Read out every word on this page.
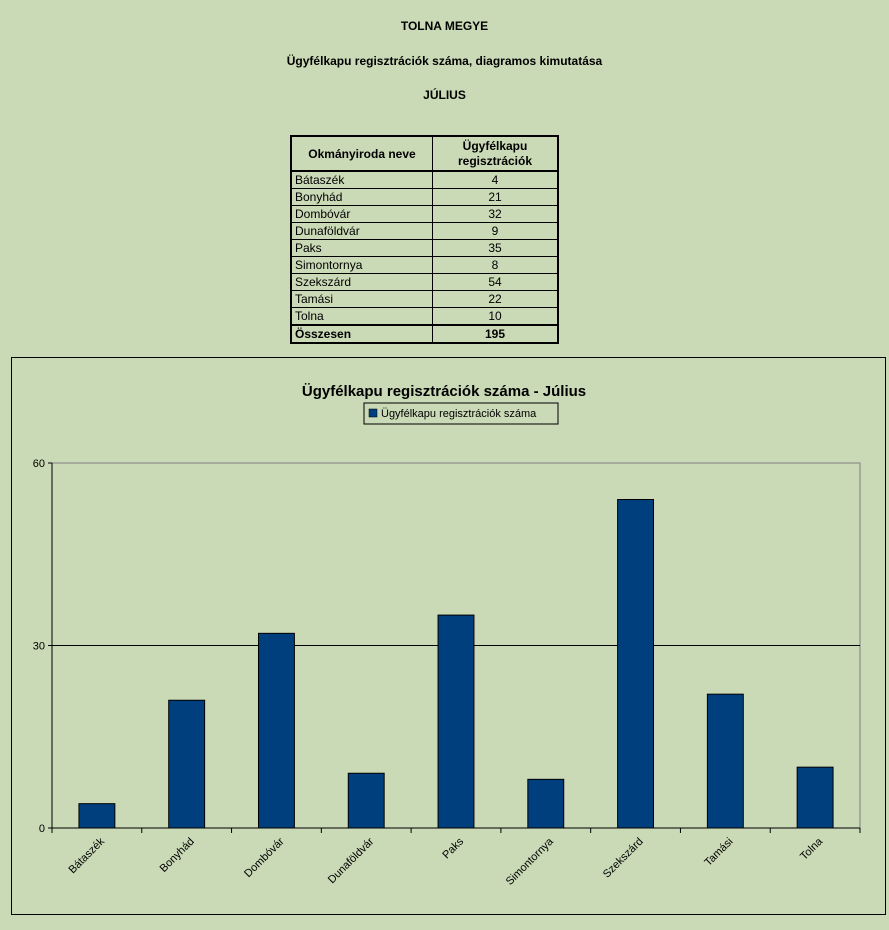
TOLNA MEGYE
Ügyfélkapu regisztrációk száma, diagramos kimutatása
JÚLIUS
Okmányiroda neve	Ügyfélkapu
regisztrációk
Bátaszék	4
Bonyhád	21
Dombóvár	32
Dunaföldvár	9
Paks	35
Simontornya	8
Szekszárd	54
Tamási	22
Tolna	10
Összesen	195
Ügyfélkapu regisztrációk száma - Július
Ügyfélkapu regisztrációk száma
0
30
60
Bátaszék	Bonyhád	Dombóvár	Dunaföldvár	Paks	Simontornya	Szekszárd	Tamási	Tolna
